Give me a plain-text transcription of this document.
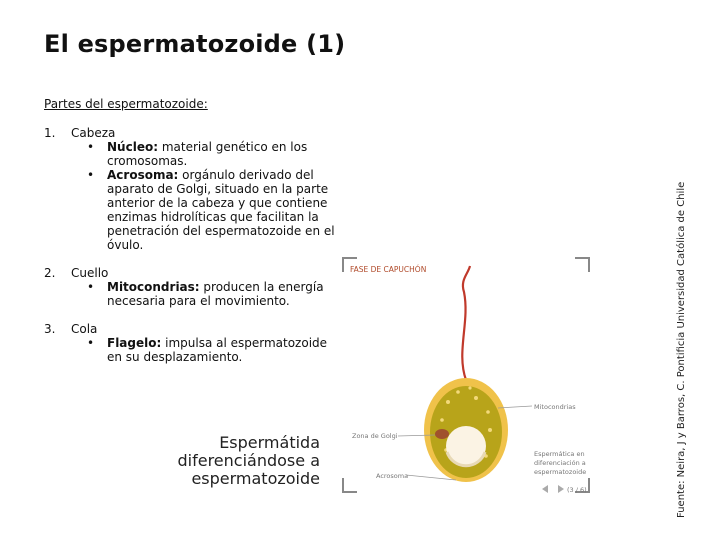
El espermatozoide (1)
Partes del espermatozoide:
1. Cabeza
• Núcleo: material genético en los cromosomas.
• Acrosoma: orgánulo derivado del aparato de Golgi, situado en la parte anterior de la cabeza y que contiene enzimas hidrolíticas que facilitan la penetración del espermatozoide en el óvulo.
2. Cuello
• Mitocondrias: producen la energía necesaria para el movimiento.
3. Cola
• Flagelo: impulsa al espermatozoide en su desplazamiento.
Espermátida diferenciándose a espermatozoide
FASE DE CAPUCHÓN
Mitocondrias
Zona de Golgi
Acrosoma
Espermática en
diferenciación a
espermatozoide
(3 / 6)	Fuente: Neira, J y Barros, C. Pontificia Universidad Católica de Chile
